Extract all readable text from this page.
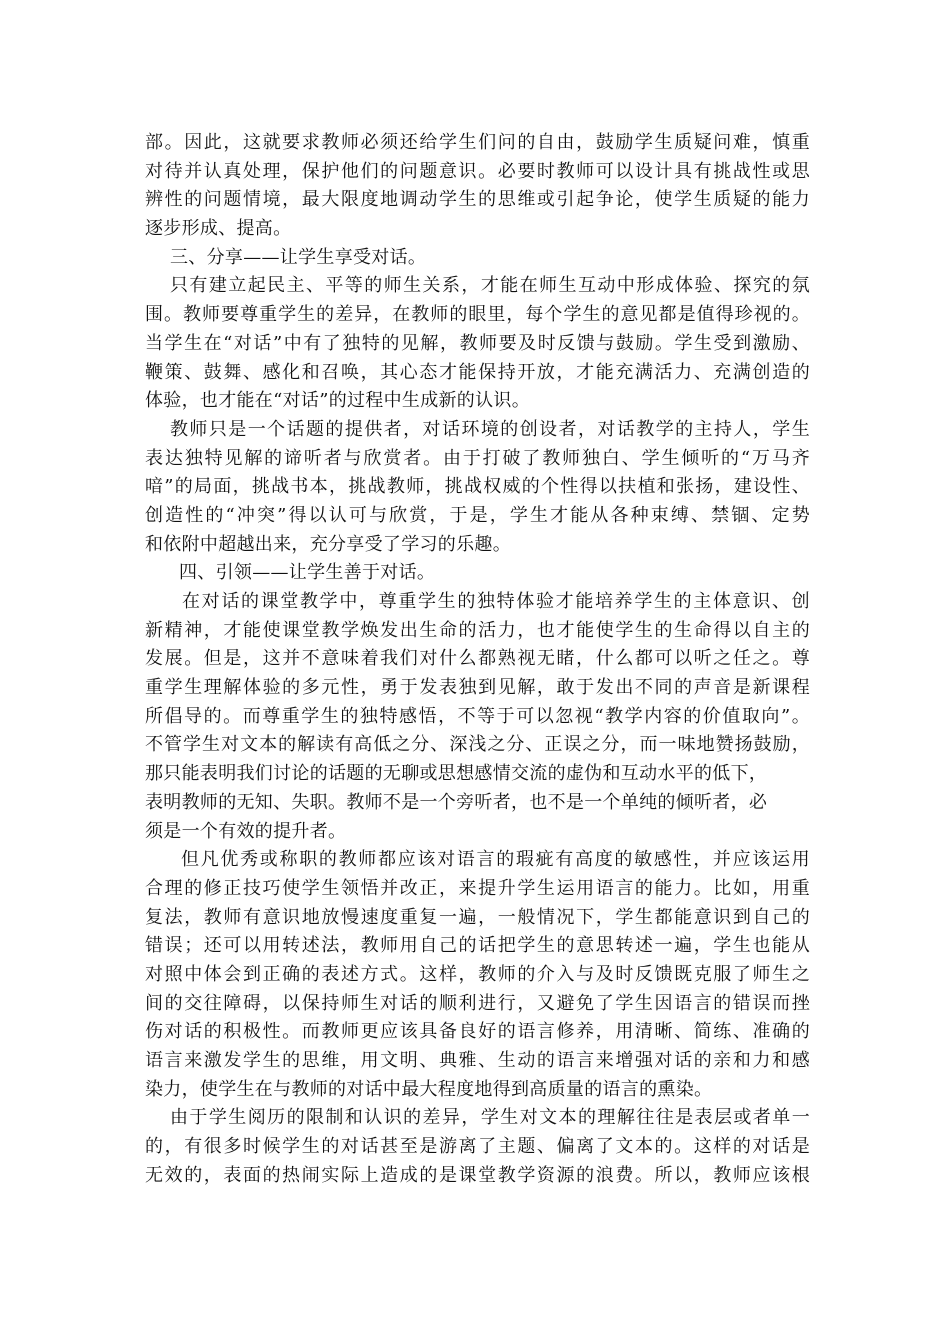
部。因此，这就要求教师必须还给学生们问的自由，鼓励学生质疑问难，慎重
对待并认真处理，保护他们的问题意识。必要时教师可以设计具有挑战性或思
辨性的问题情境，最大限度地调动学生的思维或引起争论，使学生质疑的能力
逐步形成、提高。
三、分享——让学生享受对话。
只有建立起民主、平等的师生关系，才能在师生互动中形成体验、探究的氛
围。教师要尊重学生的差异，在教师的眼里，每个学生的意见都是值得珍视的。
当学生在“对话”中有了独特的见解，教师要及时反馈与鼓励。学生受到激励、
鞭策、鼓舞、感化和召唤，其心态才能保持开放，才能充满活力、充满创造的
体验，也才能在“对话”的过程中生成新的认识。
教师只是一个话题的提供者，对话环境的创设者，对话教学的主持人，学生
表达独特见解的谛听者与欣赏者。由于打破了教师独白、学生倾听的“万马齐
喑”的局面，挑战书本，挑战教师，挑战权威的个性得以扶植和张扬，建设性、
创造性的“冲突”得以认可与欣赏，于是，学生才能从各种束缚、禁锢、定势
和依附中超越出来，充分享受了学习的乐趣。
四、引领——让学生善于对话。
在对话的课堂教学中，尊重学生的独特体验才能培养学生的主体意识、创
新精神，才能使课堂教学焕发出生命的活力，也才能使学生的生命得以自主的
发展。但是，这并不意味着我们对什么都熟视无睹，什么都可以听之任之。尊
重学生理解体验的多元性，勇于发表独到见解，敢于发出不同的声音是新课程
所倡导的。而尊重学生的独特感悟，不等于可以忽视“教学内容的价值取向”。
不管学生对文本的解读有高低之分、深浅之分、正误之分，而一味地赞扬鼓励，
那只能表明我们讨论的话题的无聊或思想感情交流的虚伪和互动水平的低下，
表明教师的无知、失职。教师不是一个旁听者，也不是一个单纯的倾听者，必
须是一个有效的提升者。
但凡优秀或称职的教师都应该对语言的瑕疵有高度的敏感性，并应该运用
合理的修正技巧使学生领悟并改正，来提升学生运用语言的能力。比如，用重
复法，教师有意识地放慢速度重复一遍，一般情况下，学生都能意识到自己的
错误；还可以用转述法，教师用自己的话把学生的意思转述一遍，学生也能从
对照中体会到正确的表述方式。这样，教师的介入与及时反馈既克服了师生之
间的交往障碍，以保持师生对话的顺利进行，又避免了学生因语言的错误而挫
伤对话的积极性。而教师更应该具备良好的语言修养，用清晰、简练、准确的
语言来激发学生的思维，用文明、典雅、生动的语言来增强对话的亲和力和感
染力，使学生在与教师的对话中最大程度地得到高质量的语言的熏染。
由于学生阅历的限制和认识的差异，学生对文本的理解往往是表层或者单一
的，有很多时候学生的对话甚至是游离了主题、偏离了文本的。这样的对话是
无效的，表面的热闹实际上造成的是课堂教学资源的浪费。所以，教师应该根
